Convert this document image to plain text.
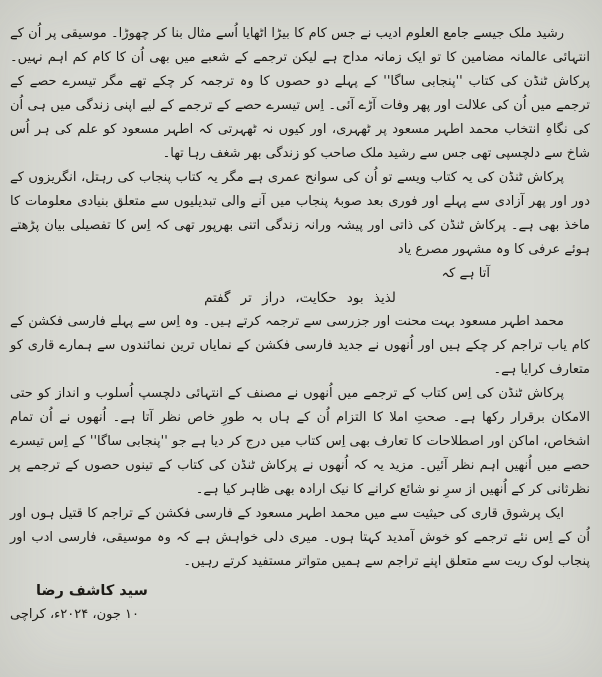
رشید ملک جیسے جامع العلوم ادیب نے جس کام کا بیڑا اٹھایا اُسے مثال بنا کر چھوڑا۔ موسیقی پر اُن کے انتہائی عالمانہ مضامین کا تو ایک زمانہ مداح ہے لیکن ترجمے کے شعبے میں بھی اُن کا کام کم اہم نہیں۔ پرکاش ٹنڈن کی کتاب ''پنجابی ساگا'' کے پہلے دو حصوں کا وہ ترجمہ کر چکے تھے مگر تیسرے حصے کے ترجمے میں اُن کی علالت اور پھر وفات آڑے آئی۔ اِس تیسرے حصے کے ترجمے کے لیے اپنی زندگی میں ہی اُن کی نگاہِ انتخاب محمد اطہر مسعود پر ٹھہری، اور کیوں نہ ٹھہرتی کہ اطہر مسعود کو علم کی ہر اُس شاخ سے دلچسپی تھی جس سے رشید ملک صاحب کو زندگی بھر شغف رہا تھا۔

پرکاش ٹنڈن کی یہ کتاب ویسے تو اُن کی سوانح عمری ہے مگر یہ کتاب پنجاب کی رہتل، انگریزوں کے دور اور پھر آزادی سے پہلے اور فوری بعد صوبۂ پنجاب میں آنے والی تبدیلیوں سے متعلق بنیادی معلومات کا ماخذ بھی ہے۔ پرکاش ٹنڈن کی ذاتی اور پیشہ ورانہ زندگی اتنی بھرپور تھی کہ اِس کا تفصیلی بیان پڑھتے ہوئے عرفی کا وہ مشہور مصرع یاد

آتا ہے کہ

لذیذ بود حکایت، دراز تر گفتم

محمد اطہر مسعود بہت محنت اور جزرسی سے ترجمہ کرتے ہیں۔ وہ اِس سے پہلے فارسی فکشن کے کام یاب تراجم کر چکے ہیں اور اُنھوں نے جدید فارسی فکشن کے نمایاں ترین نمائندوں سے ہمارے قاری کو متعارف کرایا ہے۔

پرکاش ٹنڈن کی اِس کتاب کے ترجمے میں اُنھوں نے مصنف کے انتہائی دلچسپ اُسلوب و انداز کو حتی الامکان برقرار رکھا ہے۔ صحتِ املا کا التزام اُن کے ہاں بہ طورِ خاص نظر آتا ہے۔ اُنھوں نے اُن تمام اشخاص، اماکن اور اصطلاحات کا تعارف بھی اِس کتاب میں درج کر دیا ہے جو ''پنجابی ساگا'' کے اِس تیسرے حصے میں اُنھیں اہم نظر آئیں۔ مزید یہ کہ اُنھوں نے پرکاش ٹنڈن کی کتاب کے تینوں حصوں کے ترجمے پر نظرثانی کر کے اُنھیں از سرِ نو شائع کرانے کا نیک ارادہ بھی ظاہر کیا ہے۔

ایک پرشوق قاری کی حیثیت سے میں محمد اطہر مسعود کے فارسی فکشن کے تراجم کا قتیل ہوں اور اُن کے اِس نئے ترجمے کو خوش آمدید کہتا ہوں۔ میری دلی خواہش ہے کہ وہ موسیقی، فارسی ادب اور پنجاب لوک ریت سے متعلق اپنے تراجم سے ہمیں متواتر مستفید کرتے رہیں۔

سید کاشف رضا

۱۰ جون، ۲۰۲۴ء، کراچی
